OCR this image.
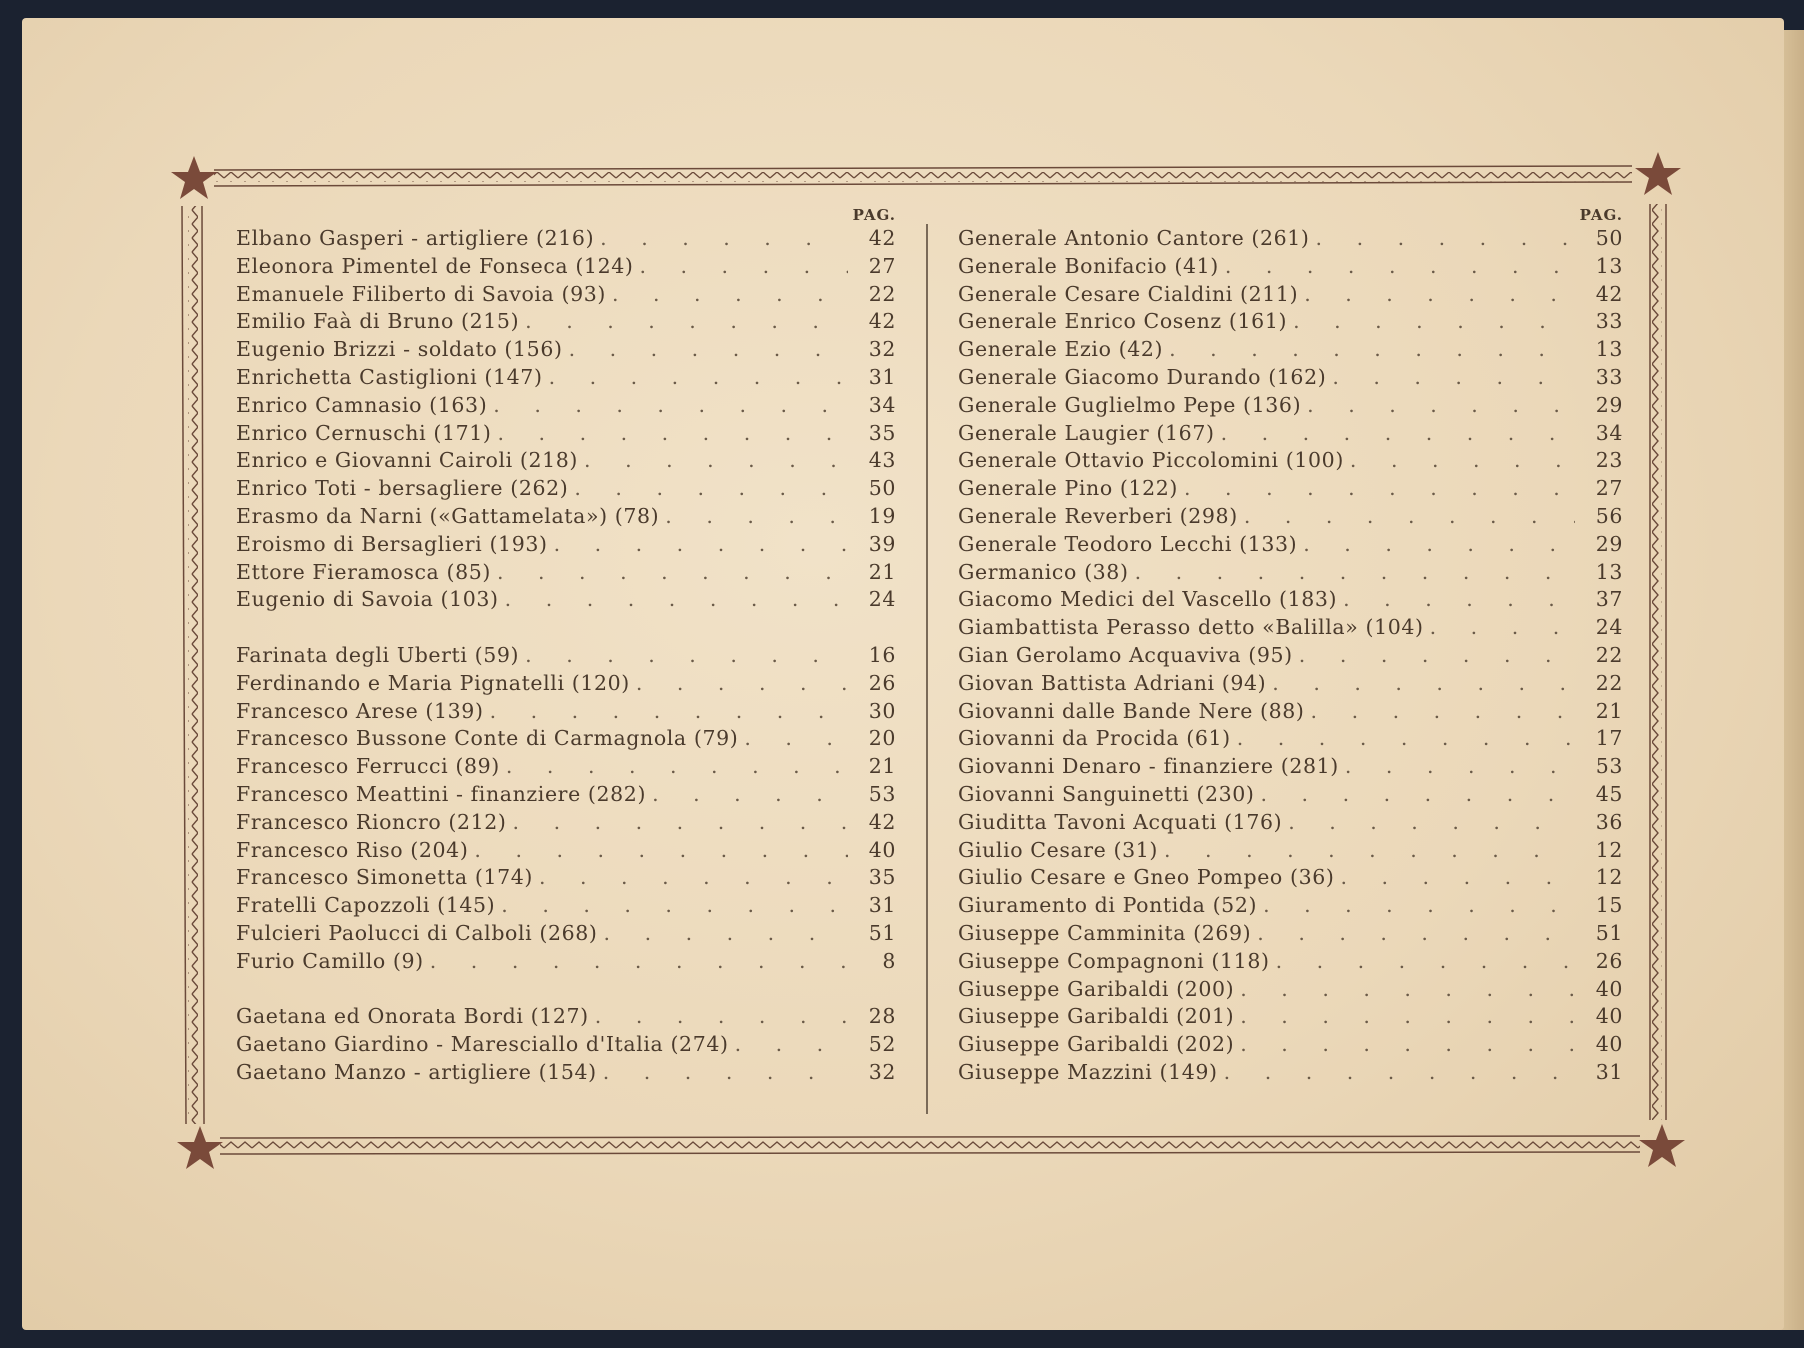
PAG.
Elbano Gasperi - artigliere (216) . . .	42
Eleonora Pimentel de Fonseca (124) . . .	27
Emanuele Filiberto di Savoia (93) . . .	22
Emilio Faà di Bruno (215) . . .	42
Eugenio Brizzi - soldato (156) . . .	32
Enrichetta Castiglioni (147) . . .	31
Enrico Camnasio (163) . . .	34
Enrico Cernuschi (171) . . .	35
Enrico e Giovanni Cairoli (218) . . .	43
Enrico Toti - bersagliere (262) . . .	50
Erasmo da Narni («Gattamelata») (78) . . .	19
Eroismo di Bersaglieri (193) . . .	39
Ettore Fieramosca (85) . . .	21
Eugenio di Savoia (103) . . .	24
Farinata degli Uberti (59) . . .	16
Ferdinando e Maria Pignatelli (120) . . .	26
Francesco Arese (139) . . .	30
Francesco Bussone Conte di Carmagnola (79) . . .	20
Francesco Ferrucci (89) . . .	21
Francesco Meattini - finanziere (282) . . .	53
Francesco Rioncro (212) . . .	42
Francesco Riso (204) . . .	40
Francesco Simonetta (174) . . .	35
Fratelli Capozzoli (145) . . .	31
Fulcieri Paolucci di Calboli (268) . . .	51
Furio Camillo (9) . . .	8
Gaetana ed Onorata Bordi (127) . . .	28
Gaetano Giardino - Maresciallo d'Italia (274) . . .	52
Gaetano Manzo - artigliere (154) . . .	32
PAG.
Generale Antonio Cantore (261) . . .	50
Generale Bonifacio (41) . . .	13
Generale Cesare Cialdini (211) . . .	42
Generale Enrico Cosenz (161) . . .	33
Generale Ezio (42) . . .	13
Generale Giacomo Durando (162) . . .	33
Generale Guglielmo Pepe (136) . . .	29
Generale Laugier (167) . . .	34
Generale Ottavio Piccolomini (100) . . .	23
Generale Pino (122) . . .	27
Generale Reverberi (298) . . .	56
Generale Teodoro Lecchi (133) . . .	29
Germanico (38) . . .	13
Giacomo Medici del Vascello (183) . . .	37
Giambattista Perasso detto «Balilla» (104) . . .	24
Gian Gerolamo Acquaviva (95) . . .	22
Giovan Battista Adriani (94) . . .	22
Giovanni dalle Bande Nere (88) . . .	21
Giovanni da Procida (61) . . .	17
Giovanni Denaro - finanziere (281) . . .	53
Giovanni Sanguinetti (230) . . .	45
Giuditta Tavoni Acquati (176) . . .	36
Giulio Cesare (31) . . .	12
Giulio Cesare e Gneo Pompeo (36) . . .	12
Giuramento di Pontida (52) . . .	15
Giuseppe Camminita (269) . . .	51
Giuseppe Compagnoni (118) . . .	26
Giuseppe Garibaldi (200) . . .	40
Giuseppe Garibaldi (201) . . .	40
Giuseppe Garibaldi (202) . . .	40
Giuseppe Mazzini (149) . . .	31
